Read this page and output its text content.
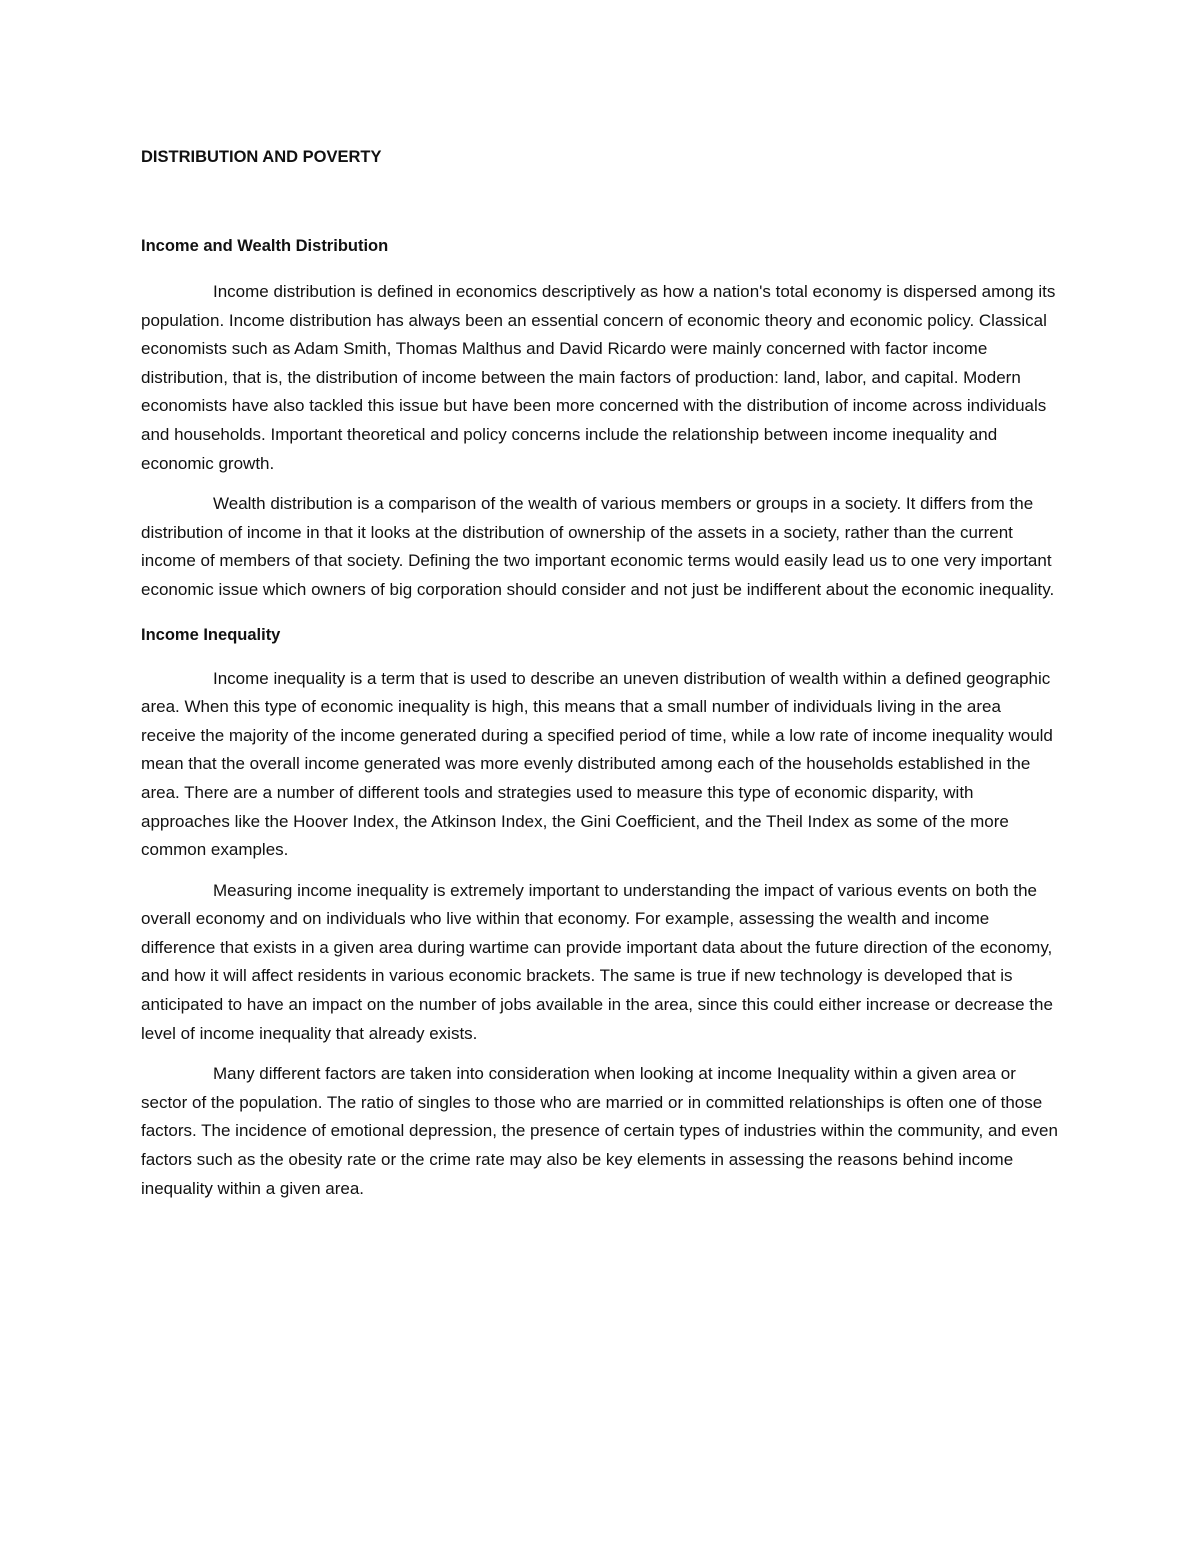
DISTRIBUTION AND POVERTY
Income and Wealth Distribution

Income distribution is defined in economics descriptively as how a nation's total economy is dispersed among its population. Income distribution has always been an essential concern of economic theory and economic policy. Classical economists such as Adam Smith, Thomas Malthus and David Ricardo were mainly concerned with factor income distribution, that is, the distribution of income between the main factors of production: land, labor, and capital. Modern economists have also tackled this issue but have been more concerned with the distribution of income across individuals and households. Important theoretical and policy concerns include the relationship between income inequality and economic growth.

Wealth distribution is a comparison of the wealth of various members or groups in a society. It differs from the distribution of income in that it looks at the distribution of ownership of the assets in a society, rather than the current income of members of that society. Defining the two important economic terms would easily lead us to one very important economic issue which owners of big corporation should consider and not just be indifferent about the economic inequality.

Income Inequality

Income inequality is a term that is used to describe an uneven distribution of wealth within a defined geographic area. When this type of economic inequality is high, this means that a small number of individuals living in the area receive the majority of the income generated during a specified period of time, while a low rate of income inequality would mean that the overall income generated was more evenly distributed among each of the households established in the area. There are a number of different tools and strategies used to measure this type of economic disparity, with approaches like the Hoover Index, the Atkinson Index, the Gini Coefficient, and the Theil Index as some of the more common examples.

Measuring income inequality is extremely important to understanding the impact of various events on both the overall economy and on individuals who live within that economy. For example, assessing the wealth and income difference that exists in a given area during wartime can provide important data about the future direction of the economy, and how it will affect residents in various economic brackets. The same is true if new technology is developed that is anticipated to have an impact on the number of jobs available in the area, since this could either increase or decrease the level of income inequality that already exists.

Many different factors are taken into consideration when looking at income Inequality within a given area or sector of the population. The ratio of singles to those who are married or in committed relationships is often one of those factors. The incidence of emotional depression, the presence of certain types of industries within the community, and even factors such as the obesity rate or the crime rate may also be key elements in assessing the reasons behind income inequality within a given area.
